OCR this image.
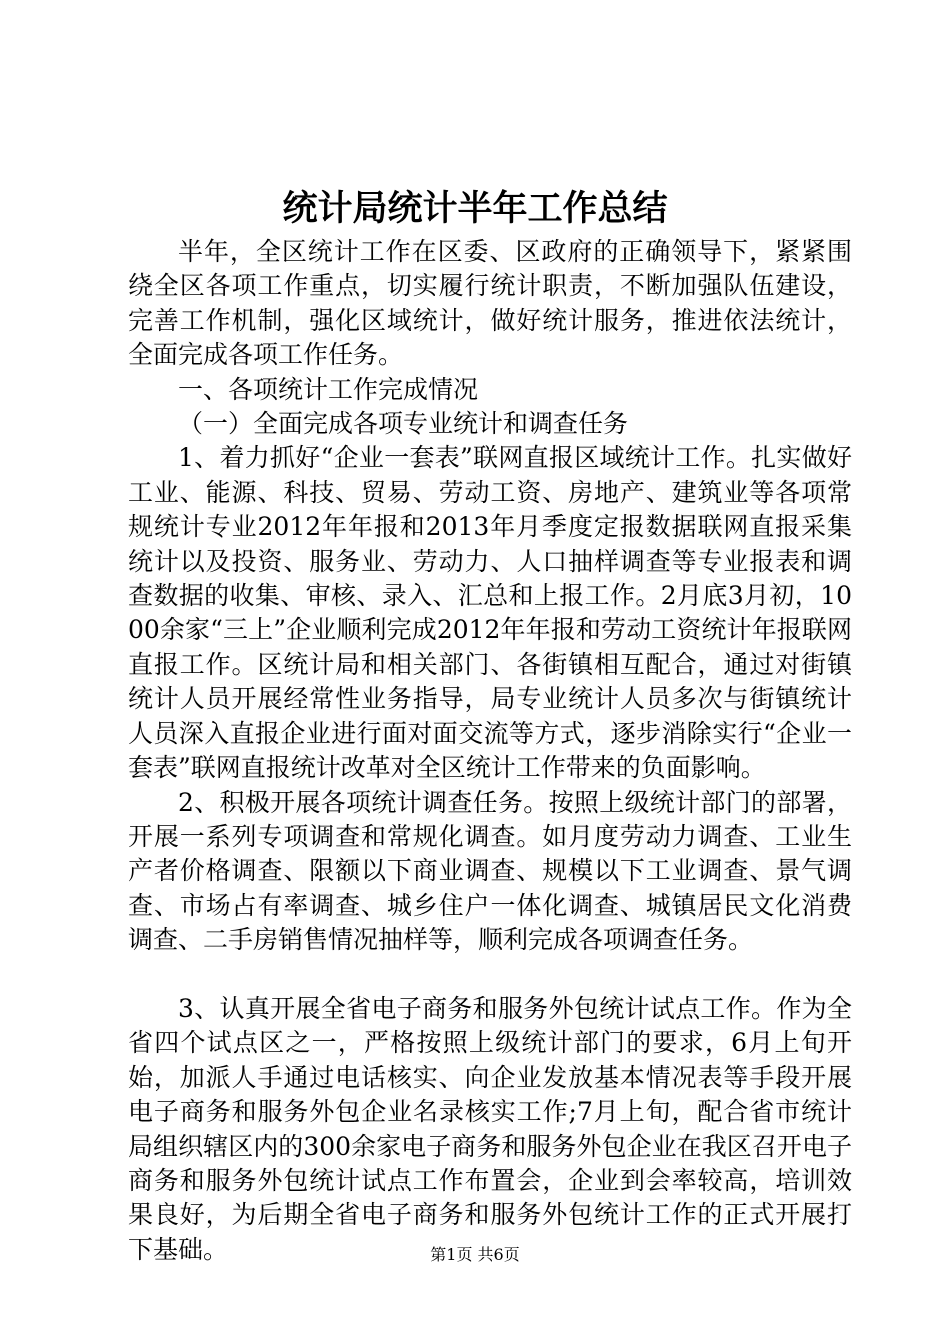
统计局统计半年工作总结

半年，全区统计工作在区委、区政府的正确领导下，紧紧围绕全区各项工作重点，切实履行统计职责，不断加强队伍建设，完善工作机制，强化区域统计，做好统计服务，推进依法统计，全面完成各项工作任务。

一、各项统计工作完成情况

（一）全面完成各项专业统计和调查任务

1、着力抓好“企业一套表”联网直报区域统计工作。扎实做好工业、能源、科技、贸易、劳动工资、房地产、建筑业等各项常规统计专业2012年年报和2013年月季度定报数据联网直报采集统计以及投资、服务业、劳动力、人口抽样调查等专业报表和调查数据的收集、审核、录入、汇总和上报工作。2月底3月初，1000余家“三上”企业顺利完成2012年年报和劳动工资统计年报联网直报工作。区统计局和相关部门、各街镇相互配合，通过对街镇统计人员开展经常性业务指导，局专业统计人员多次与街镇统计人员深入直报企业进行面对面交流等方式，逐步消除实行“企业一套表”联网直报统计改革对全区统计工作带来的负面影响。

2、积极开展各项统计调查任务。按照上级统计部门的部署，开展一系列专项调查和常规化调查。如月度劳动力调查、工业生产者价格调查、限额以下商业调查、规模以下工业调查、景气调查、市场占有率调查、城乡住户一体化调查、城镇居民文化消费调查、二手房销售情况抽样等，顺利完成各项调查任务。

3、认真开展全省电子商务和服务外包统计试点工作。作为全省四个试点区之一，严格按照上级统计部门的要求，6月上旬开始，加派人手通过电话核实、向企业发放基本情况表等手段开展电子商务和服务外包企业名录核实工作;7月上旬，配合省市统计局组织辖区内的300余家电子商务和服务外包企业在我区召开电子商务和服务外包统计试点工作布置会，企业到会率较高，培训效果良好，为后期全省电子商务和服务外包统计工作的正式开展打下基础。	第1页 共6页
